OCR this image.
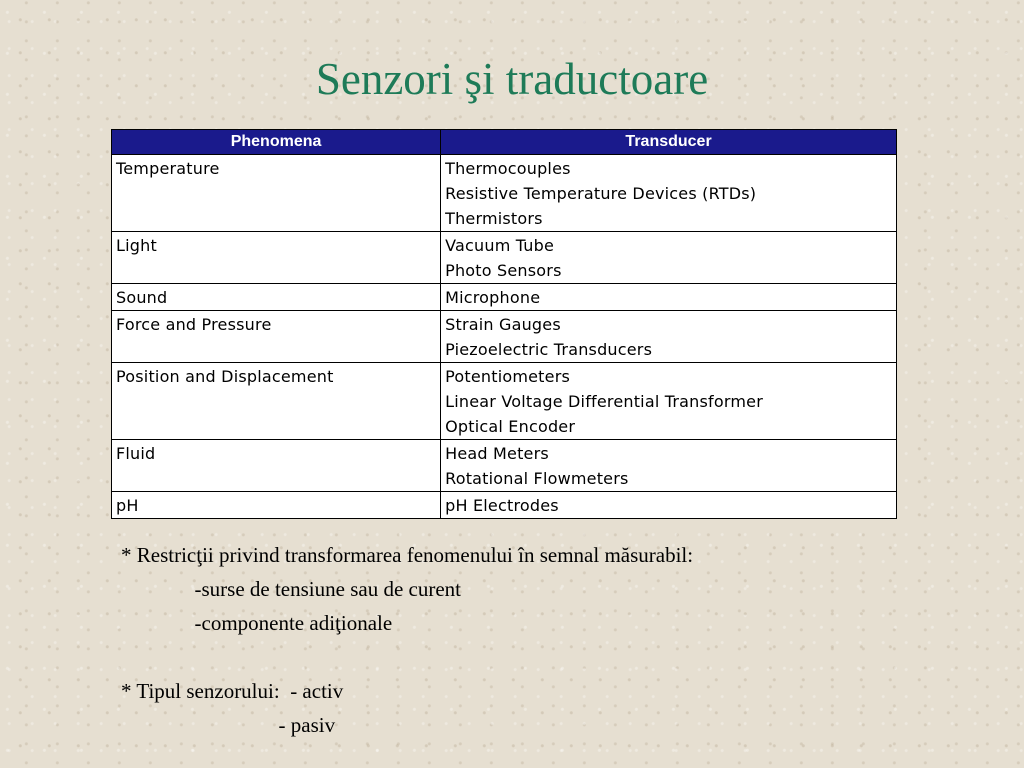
Senzori şi traductoare
Phenomena	Transducer

Temperature	Thermocouples
Resistive Temperature Devices (RTDs)
Thermistors

Light	Vacuum Tube
Photo Sensors

Sound	Microphone

Force and Pressure	Strain Gauges
Piezoelectric Transducers

Position and Displacement	Potentiometers
Linear Voltage Differential Transformer
Optical Encoder

Fluid	Head Meters
Rotational Flowmeters

pH	pH Electrodes
* Restricţii privind transformarea fenomenului în semnal măsurabil:
-surse de tensiune sau de curent
-componente adiţionale
* Tipul senzorului:  - activ
- pasiv
